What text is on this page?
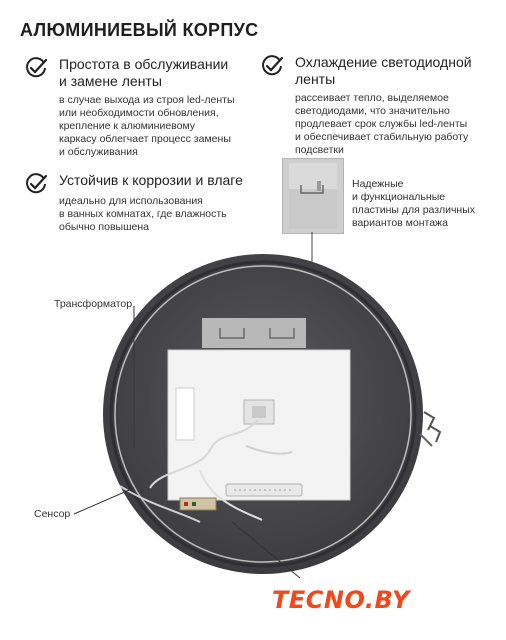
АЛЮМИНИЕВЫЙ КОРПУС
Простота в обслуживании
и замене ленты
в случае выхода из строя led-ленты
или необходимости обновления,
крепление к алюминиевому
каркасу облегчает процесс замены
и обслуживания
Охлаждение светодиодной
ленты
рассеивает тепло, выделяемое
светодиодами, что значительно
продлевает срок службы led-ленты
и обеспечивает стабильную работу
подсветки
Устойчив к коррозии и влаге
идеально для использования
в ванных комнатах, где влажность
обычно повышена
Надежные
и функциональные
пластины для различных
вариантов монтажа
Трансформатор
Сенсор
TECNO.BY
